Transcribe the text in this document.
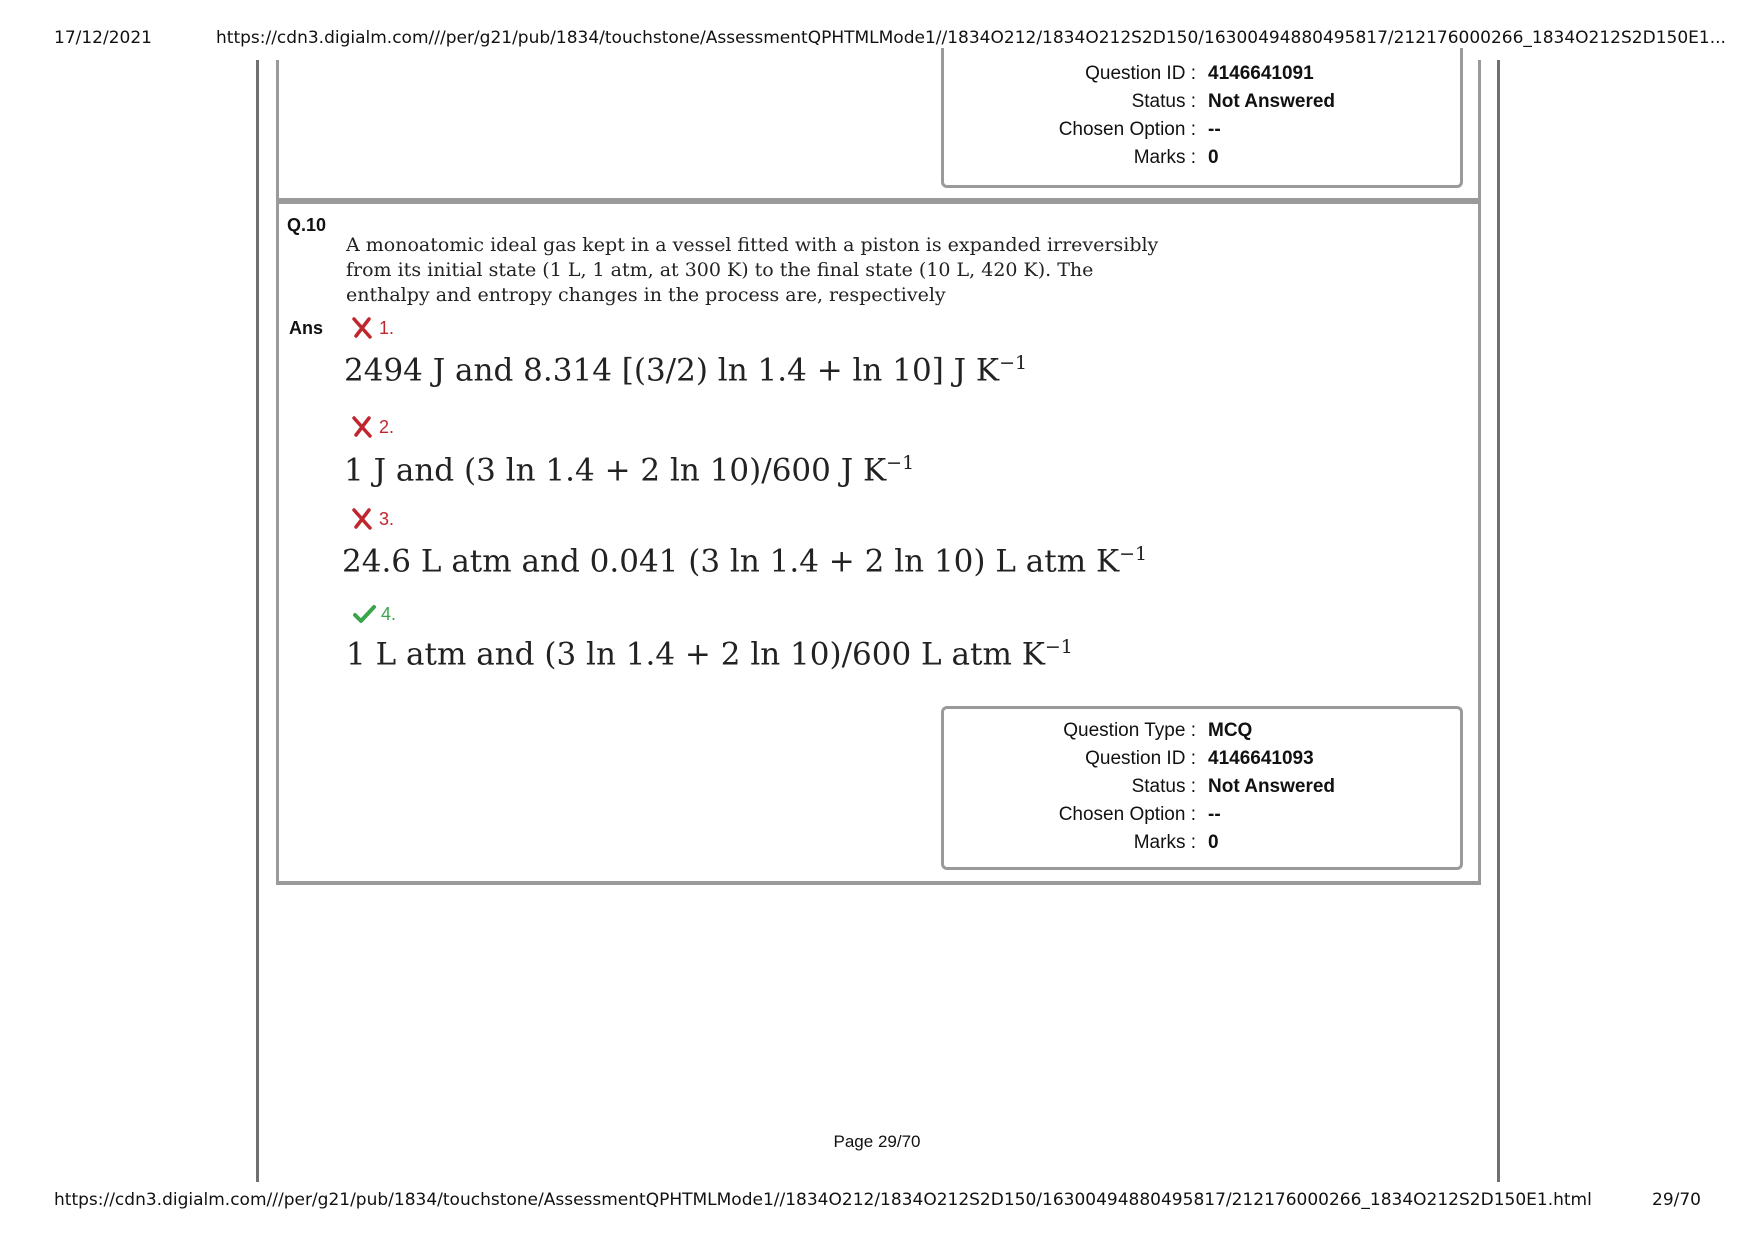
17/12/2021	https://cdn3.digialm.com///per/g21/pub/1834/touchstone/AssessmentQPHTMLMode1//1834O212/1834O212S2D150/16300494880495817/212176000266_1834O212S2D150E1...
Question ID : 4146641091
Status : Not Answered
Chosen Option : --
Marks : 0
Q.10
A monoatomic ideal gas kept in a vessel fitted with a piston is expanded irreversibly
from its initial state (1 L, 1 atm, at 300 K) to the final state (10 L, 420 K). The
enthalpy and entropy changes in the process are, respectively
Ans	1.
2494 J and 8.314 [(3/2) ln 1.4 + ln 10] J $K^{-1}$
2.
1 J and (3 ln 1.4 + 2 ln 10)/600 J $K^{-1}$
3.
24.6 L atm and 0.041 (3 ln 1.4 + 2 ln 10) L atm $K^{-1}$
4.
1 L atm and (3 ln 1.4 + 2 ln 10)/600 L atm $K^{-1}$
Question Type : MCQ
Question ID : 4146641093
Status : Not Answered
Chosen Option : --
Marks : 0
Page 29/70
https://cdn3.digialm.com///per/g21/pub/1834/touchstone/AssessmentQPHTMLMode1//1834O212/1834O212S2D150/16300494880495817/212176000266_1834O212S2D150E1.html	29/70
